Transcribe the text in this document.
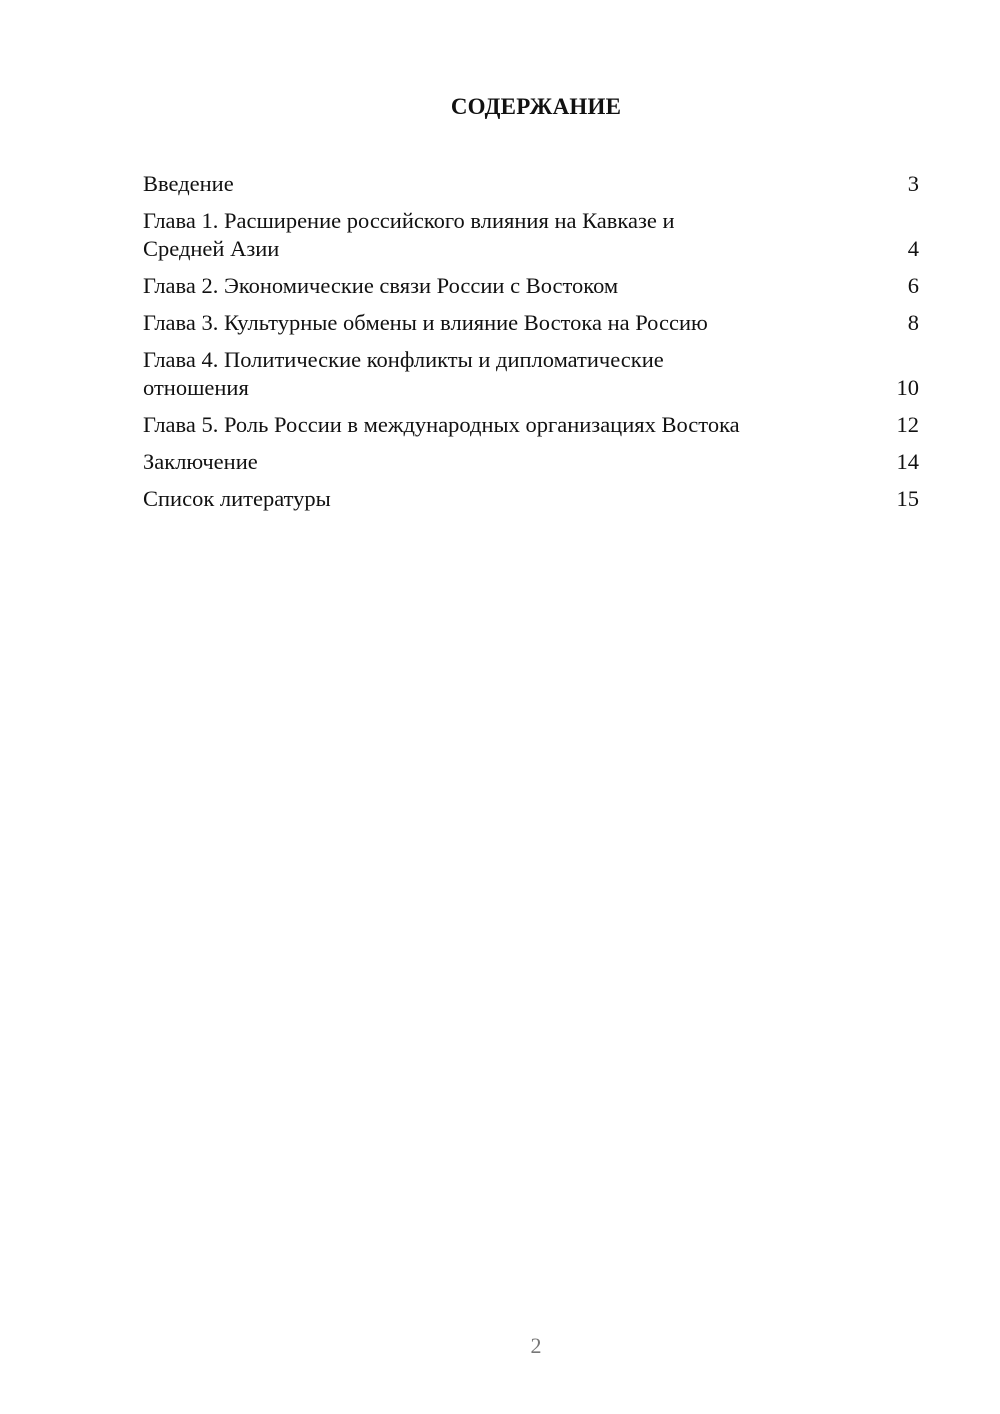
СОДЕРЖАНИЕ
Введение	3
Глава 1. Расширение российского влияния на Кавказе и
Средней Азии	4
Глава 2. Экономические связи России с Востоком	6
Глава 3. Культурные обмены и влияние Востока на Россию	8
Глава 4. Политические конфликты и дипломатические
отношения	10
Глава 5. Роль России в международных организациях Востока	12
Заключение	14
Список литературы	15
2
